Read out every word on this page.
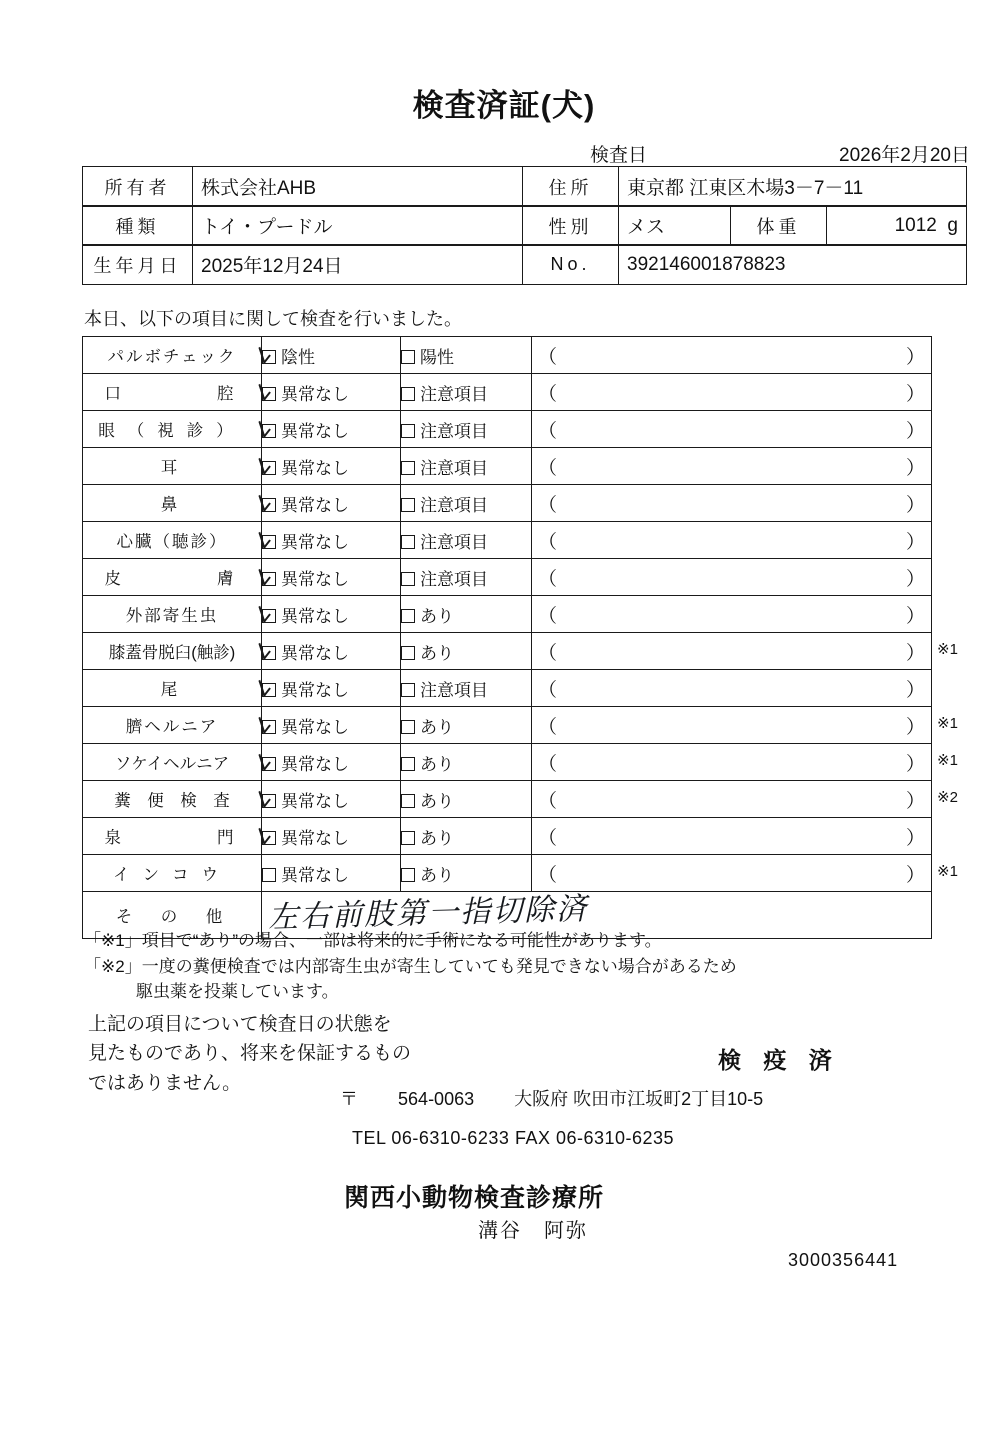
検査済証(犬)
検査日	2026年2月20日
所有者	株式会社AHB	住所	東京都 江東区木場3－7－11
種類	トイ・プードル	性別	メス	体重	1012 g
生年月日	2025年12月24日	No.	392146001878823
本日、以下の項目に関して検査を行いました。
パルボチェック	陰性	陽性	（ ）

口　　　　腔	異常なし	注意項目	（ ）

眼（視診）	異常なし	注意項目	（ ）

耳	異常なし	注意項目	（ ）

鼻	異常なし	注意項目	（ ）

心臓（聴診）	異常なし	注意項目	（ ）

皮　　　　膚	異常なし	注意項目	（ ）

外部寄生虫	異常なし	あり	（ ）

膝蓋骨脱臼(触診)	異常なし	あり	（ ） ※1

尾	異常なし	注意項目	（ ）

臍ヘルニア	異常なし	あり	（ ） ※1

ソケイヘルニア	異常なし	あり	（ ） ※1

糞　便　検　査	異常なし	あり	（ ） ※2

泉　　　　門	異常なし	あり	（ ）

インコウ	異常なし	あり	（ ） ※1

そ　の　他			左右前肢第一指切除済
「※1」項目で“あり”の場合、一部は将来的に手術になる可能性があります。
「※2」一度の糞便検査では内部寄生虫が寄生していても発見できない場合があるため
駆虫薬を投薬しています。
上記の項目について検査日の状態を
見たものであり、将来を保証するもの
ではありません。
検 疫 済
〒 564-0063 大阪府 吹田市江坂町2丁目10-5
TEL 06-6310-6233 FAX 06-6310-6235
関西小動物検査診療所
溝谷　阿弥
3000356441
